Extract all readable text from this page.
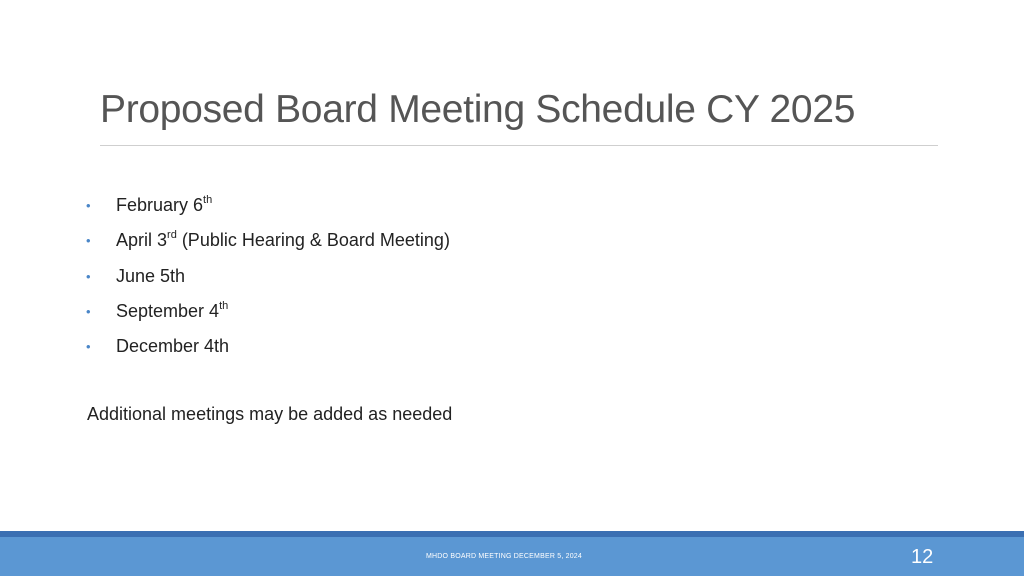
Proposed Board Meeting Schedule CY 2025
•	February 6th
•	April 3rd (Public Hearing & Board Meeting)
•	June 5th
•	September 4th
•	December 4th

Additional meetings may be added as needed

MHDO BOARD MEETING DECEMBER 5, 2024	12
